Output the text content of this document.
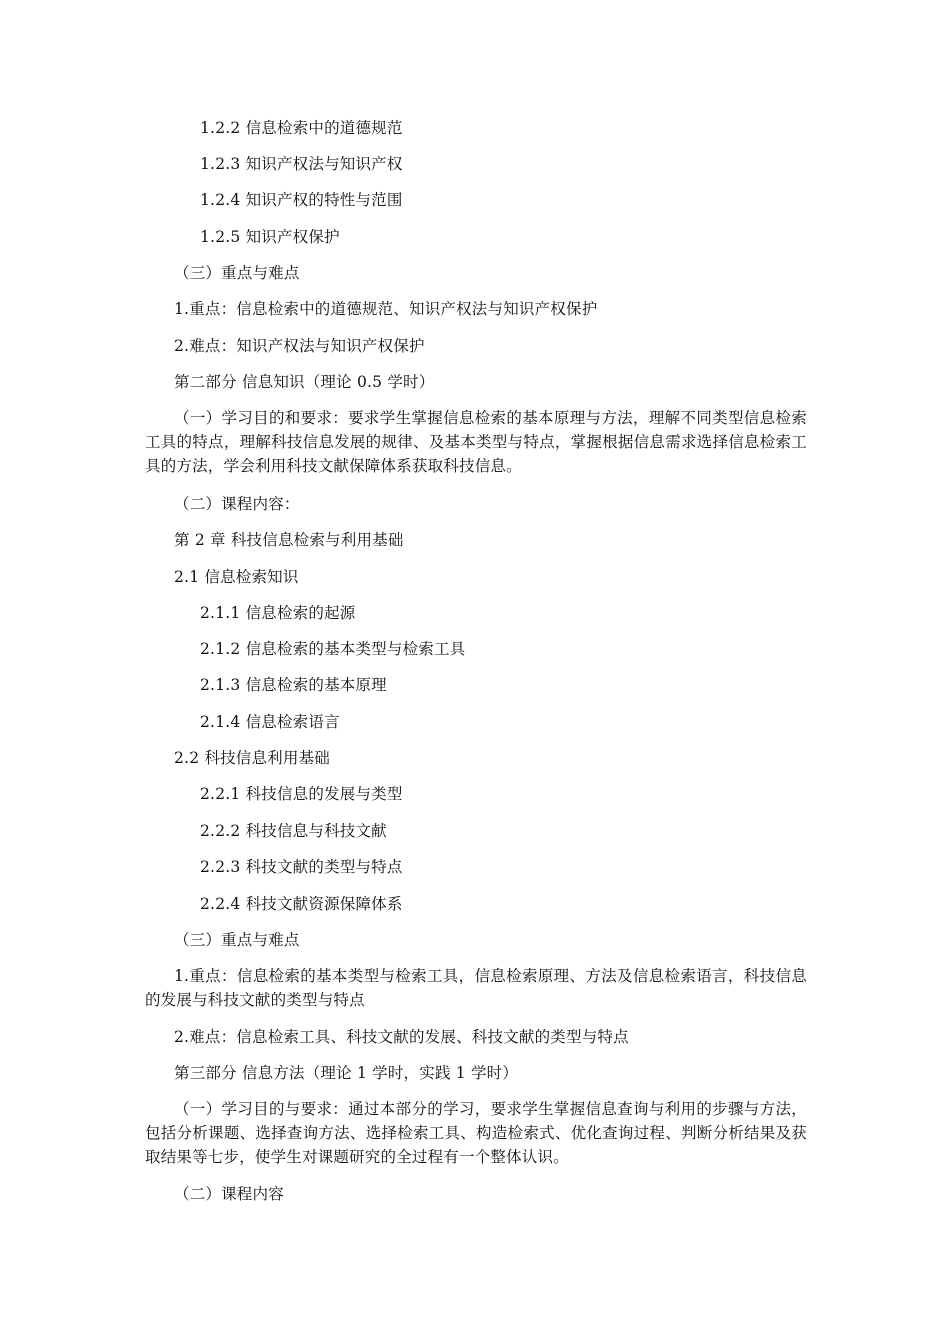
1.2.2 信息检索中的道德规范
1.2.3 知识产权法与知识产权
1.2.4 知识产权的特性与范围
1.2.5 知识产权保护
（三）重点与难点
1.重点：信息检索中的道德规范、知识产权法与知识产权保护
2.难点：知识产权法与知识产权保护
第二部分 信息知识（理论 0.5 学时）
（一）学习目的和要求：要求学生掌握信息检索的基本原理与方法，理解不同类型信息检索工具的特点，理解科技信息发展的规律、及基本类型与特点，掌握根据信息需求选择信息检索工具的方法，学会利用科技文献保障体系获取科技信息。
（二）课程内容：
第 2 章 科技信息检索与利用基础
2.1 信息检索知识
2.1.1 信息检索的起源
2.1.2 信息检索的基本类型与检索工具
2.1.3 信息检索的基本原理
2.1.4 信息检索语言
2.2 科技信息利用基础
2.2.1 科技信息的发展与类型
2.2.2 科技信息与科技文献
2.2.3 科技文献的类型与特点
2.2.4 科技文献资源保障体系
（三）重点与难点
1.重点：信息检索的基本类型与检索工具，信息检索原理、方法及信息检索语言，科技信息的发展与科技文献的类型与特点
2.难点：信息检索工具、科技文献的发展、科技文献的类型与特点
第三部分 信息方法（理论 1 学时，实践 1 学时）
（一）学习目的与要求：通过本部分的学习，要求学生掌握信息查询与利用的步骤与方法，包括分析课题、选择查询方法、选择检索工具、构造检索式、优化查询过程、判断分析结果及获取结果等七步，使学生对课题研究的全过程有一个整体认识。
（二）课程内容
